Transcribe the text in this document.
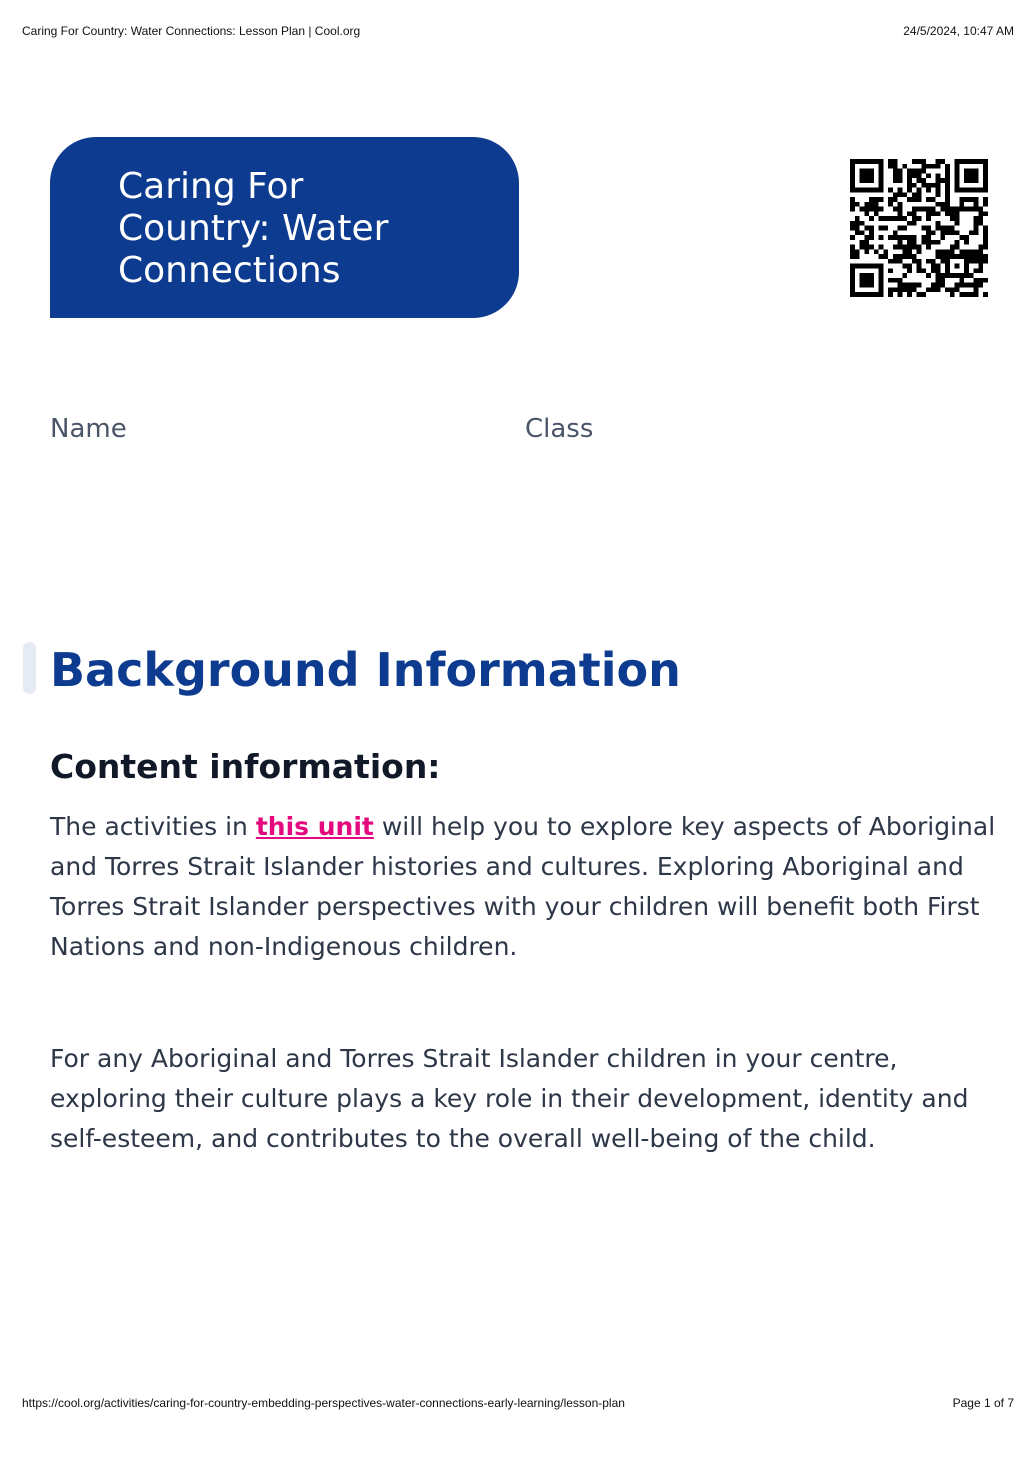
Caring For Country: Water Connections: Lesson Plan | Cool.org	24/5/2024, 10:47 AM

Caring For
Country: Water
Connections

Name	Class
Background Information
Content information:

The activities in this unit will help you to explore key aspects of Aboriginal and Torres Strait Islander histories and cultures. Exploring Aboriginal and Torres Strait Islander perspectives with your children will benefit both First Nations and non-Indigenous children.

For any Aboriginal and Torres Strait Islander children in your centre, exploring their culture plays a key role in their development, identity and self-esteem, and contributes to the overall well-being of the child.

https://cool.org/activities/caring-for-country-embedding-perspectives-water-connections-early-learning/lesson-plan	Page 1 of 7
